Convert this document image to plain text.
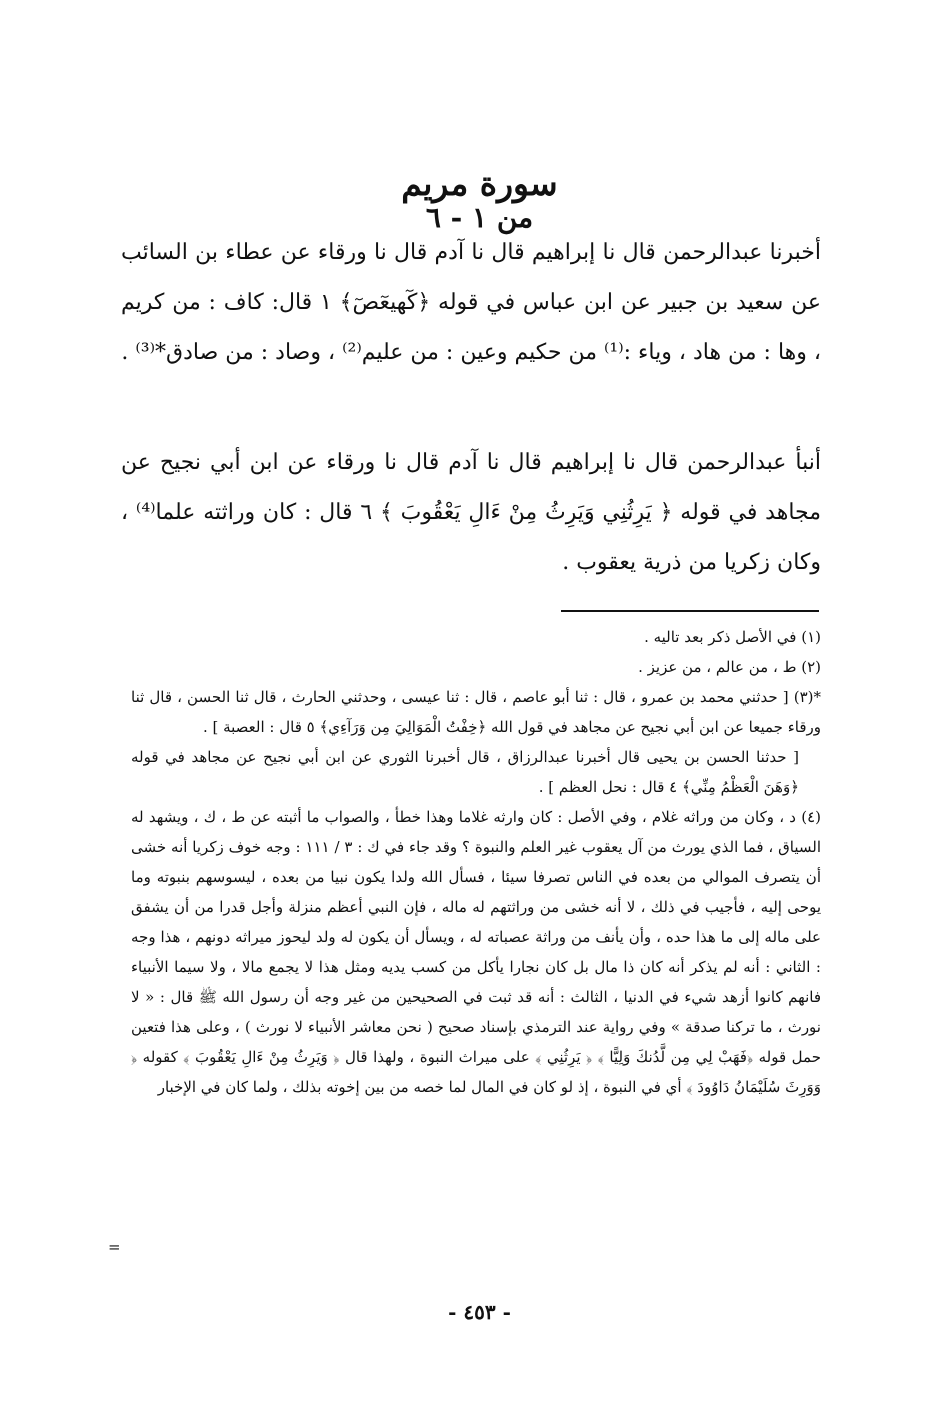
سورة مريم
من ١ - ٦

أخبرنا عبدالرحمن قال نا إبراهيم قال نا آدم قال نا ورقاء عن عطاء بن السائب عن سعيد بن جبير عن ابن عباس في قوله ﴿كٓهيعٓصٓ﴾ ١ قال: كاف : من كريم ، وها : من هاد ، وياء :⁽¹⁾ من حكيم وعين : من عليم⁽²⁾ ، وصاد : من صادق*⁽³⁾ .

أنبأ عبدالرحمن قال نا إبراهيم قال نا آدم قال نا ورقاء عن ابن أبي نجيح عن مجاهد في قوله ﴿ يَرِثُنِي وَيَرِثُ مِنْ ءَالِ يَعْقُوبَ ﴾ ٦ قال : كان وراثته علما⁽⁴⁾ ، وكان زكريا من ذرية يعقوب .

(١) في الأصل ذكر بعد تاليه .

(٢) ط ، من عالم ، من عزيز .

*(٣) [ حدثني محمد بن عمرو ، قال : ثنا أبو عاصم ، قال : ثنا عيسى ، وحدثني الحارث ، قال ثنا الحسن ، قال ثنا ورقاء جميعا عن ابن أبي نجيح عن مجاهد في قول الله ﴿خِفْتُ الْمَوَالِيَ مِن وَرَآءِي﴾ ٥ قال : العصبة ] .

[ حدثنا الحسن بن يحيى قال أخبرنا عبدالرزاق ، قال أخبرنا الثوري عن ابن أبي نجيح عن مجاهد في قوله ﴿وَهَنَ الْعَظْمُ مِنِّي﴾ ٤ قال : نحل العظم ] .

(٤) د ، وكان من وراثه غلام ، وفي الأصل : كان وارثه غلاما وهذا خطأ ، والصواب ما أثبته عن ط ، ك ، ويشهد له السياق ، فما الذي يورث من آل يعقوب غير العلم والنبوة ؟ وقد جاء في ك : ٣ / ١١١ : وجه خوف زكريا أنه خشى أن يتصرف الموالي من بعده في الناس تصرفا سيئا ، فسأل الله ولدا يكون نبيا من بعده ، ليسوسهم بنبوته وما يوحى إليه ، فأجيب في ذلك ، لا أنه خشى من وراثتهم له ماله ، فإن النبي أعظم منزلة وأجل قدرا من أن يشفق على ماله إلى ما هذا حده ، وأن يأنف من وراثة عصباته له ، ويسأل أن يكون له ولد ليحوز ميراثه دونهم ، هذا وجه : الثاني : أنه لم يذكر أنه كان ذا مال بل كان نجارا يأكل من كسب يديه ومثل هذا لا يجمع مالا ، ولا سيما الأنبياء فانهم كانوا أزهد شيء في الدنيا ، الثالث : أنه قد ثبت في الصحيحين من غير وجه أن رسول الله ﷺ قال : « لا نورث ، ما تركنا صدقة » وفي رواية عند الترمذي بإسناد صحيح ( نحن معاشر الأنبياء لا نورث ) ، وعلى هذا فتعين حمل قوله ﴿فَهَبْ لِي مِن لَّدُنكَ وَلِيًّا ﴾ ﴿ يَرِثُنِي ﴾ على ميراث النبوة ، ولهذا قال ﴿ وَيَرِثُ مِنْ ءَالِ يَعْقُوبَ ﴾ كقوله ﴿ وَوَرِثَ سُلَيْمَانُ دَاوُودَ ﴾ أي في النبوة ، إذ لو كان في المال لما خصه من بين إخوته بذلك ، ولما كان في الإخبار

=
- ٤٥٣ -
